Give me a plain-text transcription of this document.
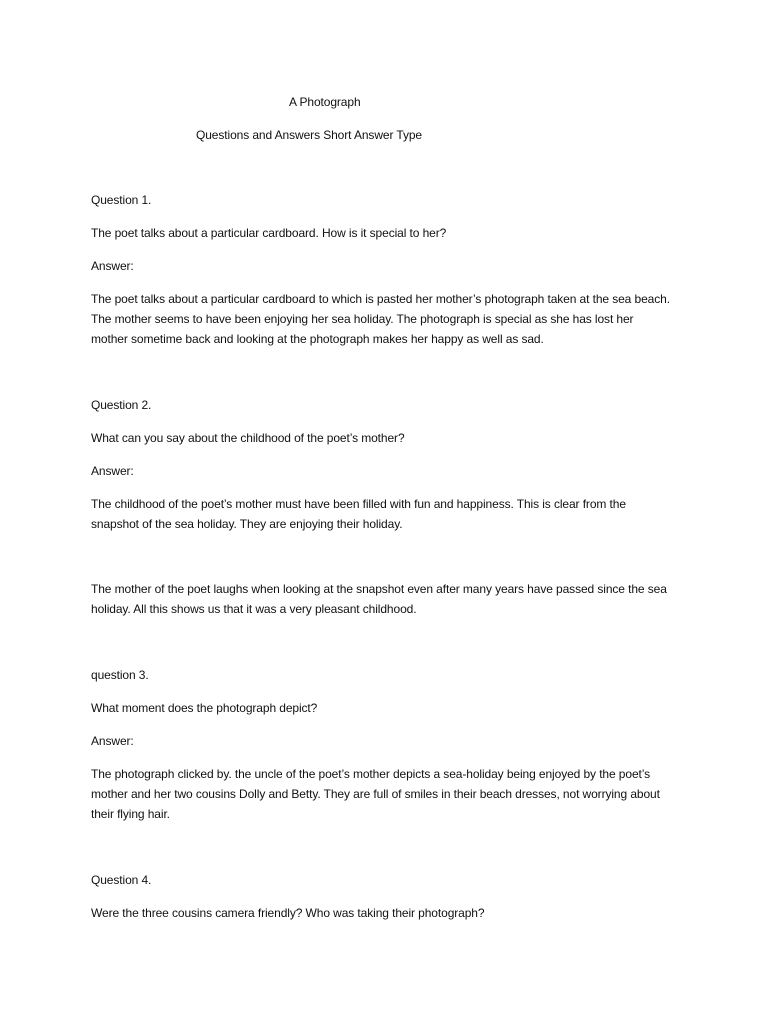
A Photograph
Questions and Answers Short Answer Type
Question 1.
The poet talks about a particular cardboard. How is it special to her?
Answer:
The poet talks about a particular cardboard to which is pasted her mother’s photograph taken at the sea beach. The mother seems to have been enjoying her sea holiday. The photograph is special as she has lost her mother sometime back and looking at the photograph makes her happy as well as sad.
Question 2.
What can you say about the childhood of the poet’s mother?
Answer:
The childhood of the poet’s mother must have been filled with fun and happiness. This is clear from the snapshot of the sea holiday. They are enjoying their holiday.
The mother of the poet laughs when looking at the snapshot even after many years have passed since the sea holiday. All this shows us that it was a very pleasant childhood.
question 3.
What moment does the photograph depict?
Answer:
The photograph clicked by. the uncle of the poet’s mother depicts a sea-holiday being enjoyed by the poet’s mother and her two cousins Dolly and Betty. They are full of smiles in their beach dresses, not worrying about their flying hair.
Question 4.
Were the three cousins camera friendly? Who was taking their photograph?
